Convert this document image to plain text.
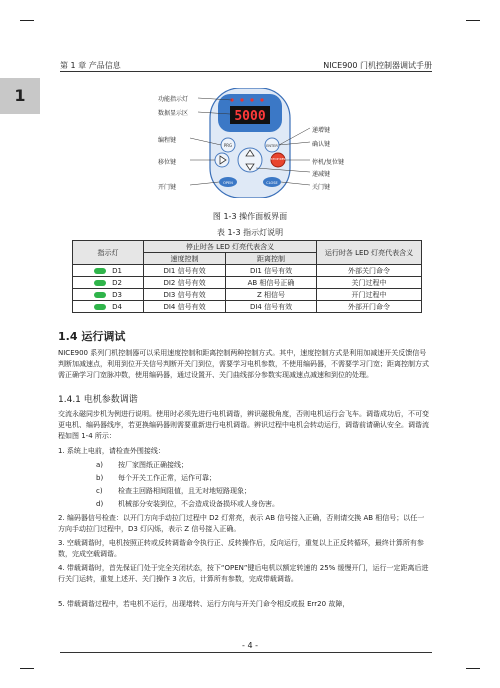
第 1 章 产品信息	NICE900 门机控制器调试手册
1
5000
PRG	ENTER
STOP RES
OPEN	CLOSE
功能指示灯
数据显示区
编程键
移位键
开门键
递增键
确认键
停机/复位键
递减键
关门键
图 1-3 操作面板界面
表 1-3 指示灯说明
指示灯	停止时各 LED 灯亮代表含义		运行时各 LED 灯亮代表含义
	速度控制	距离控制	
D1	DI1 信号有效	DI1 信号有效	外部关门命令
D2	DI2 信号有效	AB 相信号正确	关门过程中
D3	DI3 信号有效	Z 相信号	开门过程中
D4	DI4 信号有效	DI4 信号有效	外部开门命令
1.4 运行调试
NICE900 系列门机控制器可以采用速度控制和距离控制两种控制方式。其中，速度控制方式是利用加减速开关反馈信号判断加减速点，利用到位开关信号判断开关门到位，需要学习电机参数，不使用编码器，不需要学习门宽；距离控制方式需正确学习门宽脉冲数，使用编码器，通过设置开、关门曲线部分参数实现减速点减速和到位的处理。
1.4.1 电机参数调谐
交流永磁同步机为例进行说明。使用时必须先进行电机调谐，辨识磁极角度，否则电机运行会飞车。调谐成功后，不可变更电机、编码器线序，若更换编码器则需要重新进行电机调谐。辨识过程中电机会转动运行，调谐前请确认安全。调谐流程如图 1-4 所示：
1. 系统上电前，请检查外围接线：
a) 按厂家图纸正确接线；
b) 每个开关工作正常，运作可靠；
c) 检查主回路相间阻值，且无对地短路现象；
d) 机械部分安装到位，不会造成设备损坏或人身伤害。
2. 编码器信号检查：以开门方向手动拉门过程中 D2 灯常亮，表示 AB 信号接入正确，否则请交换 AB 相信号；以任一方向手动拉门过程中，D3 灯闪烁，表示 Z 信号接入正确。
3. 空载调谐时，电机按照正转或反转调谐命令执行正、反转操作后，反向运行，重复以上正反转循环，最终计算所有参数，完成空载调谐。
4. 带载调谐时，首先保证门处于完全关闭状态，按下“OPEN”键后电机以额定转速的 25% 缓慢开门，运行一定距离后进行关门运转，重复上述开、关门操作 3 次后，计算所有参数，完成带载调谐。
5. 带载调谐过程中，若电机不运行，出现堵转、运行方向与开关门命令相反或报 Err20 故障，
- 4 -
